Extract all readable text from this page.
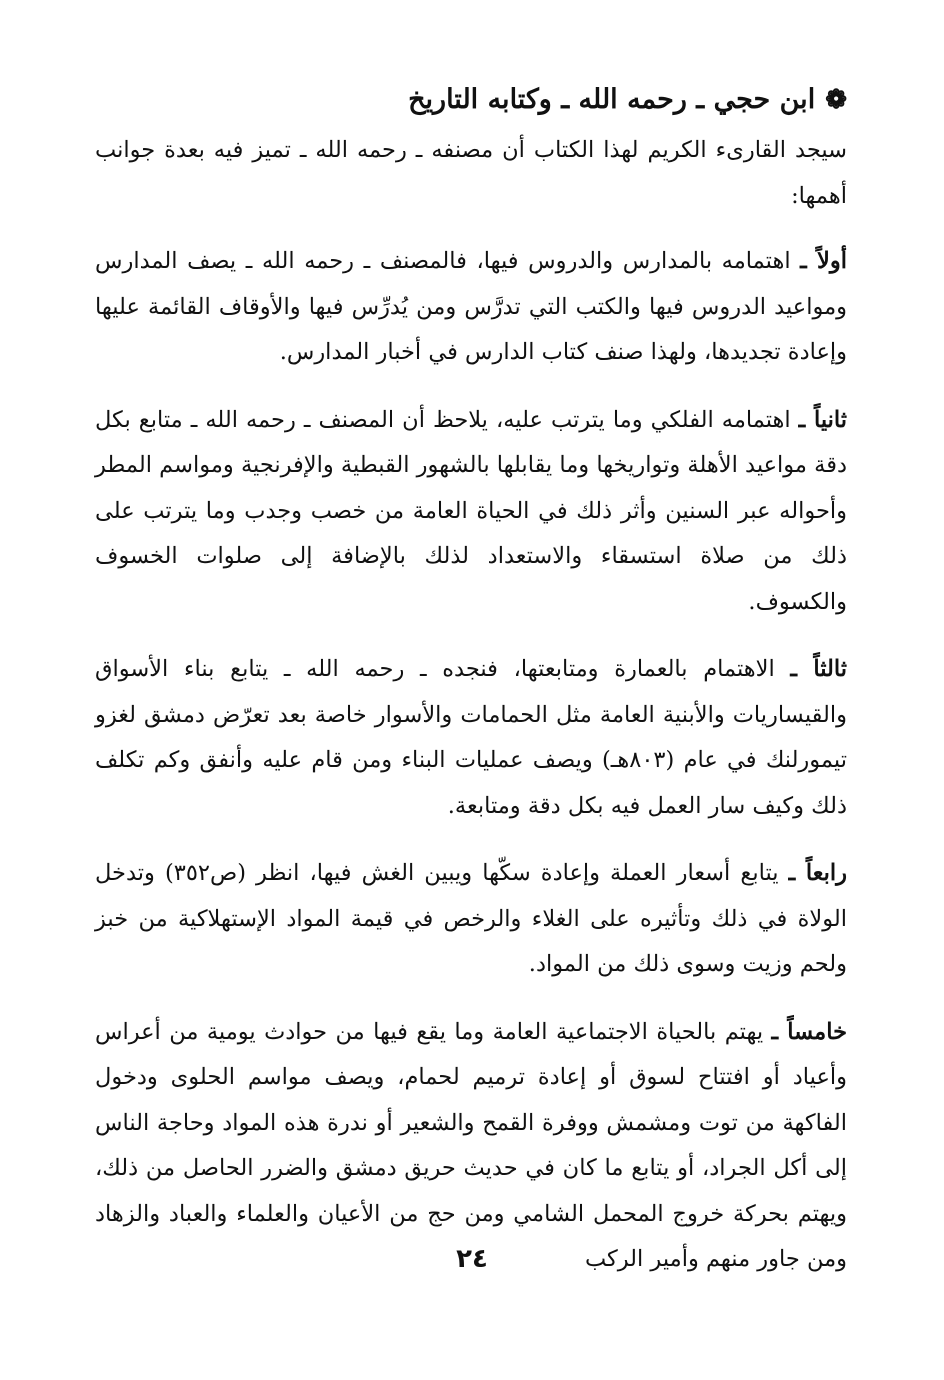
❁
ابن حجي ـ رحمه الله ـ وكتابه التاريخ

سيجد القارىء الكريم لهذا الكتاب أن مصنفه ـ رحمه الله ـ تميز فيه بعدة جوانب أهمها:

أولاً ـ اهتمامه بالمدارس والدروس فيها، فالمصنف ـ رحمه الله ـ يصف المدارس ومواعيد الدروس فيها والكتب التي تدرَّس ومن يُدرِّس فيها والأوقاف القائمة عليها وإعادة تجديدها، ولهذا صنف كتاب الدارس في أخبار المدارس.

ثانياً ـ اهتمامه الفلكي وما يترتب عليه، يلاحظ أن المصنف ـ رحمه الله ـ متابع بكل دقة مواعيد الأهلة وتواريخها وما يقابلها بالشهور القبطية والإفرنجية ومواسم المطر وأحواله عبر السنين وأثر ذلك في الحياة العامة من خصب وجدب وما يترتب على ذلك من صلاة استسقاء والاستعداد لذلك بالإضافة إلى صلوات الخسوف والكسوف.

ثالثاً ـ الاهتمام بالعمارة ومتابعتها، فنجده ـ رحمه الله ـ يتابع بناء الأسواق والقيساريات والأبنية العامة مثل الحمامات والأسوار خاصة بعد تعرّض دمشق لغزو تيمورلنك في عام (٨٠٣هـ) ويصف عمليات البناء ومن قام عليه وأنفق وكم تكلف ذلك وكيف سار العمل فيه بكل دقة ومتابعة.

رابعاً ـ يتابع أسعار العملة وإعادة سكّها ويبين الغش فيها، انظر (ص٣٥٢) وتدخل الولاة في ذلك وتأثيره على الغلاء والرخص في قيمة المواد الإستهلاكية من خبز ولحم وزيت وسوى ذلك من المواد.

خامساً ـ يهتم بالحياة الاجتماعية العامة وما يقع فيها من حوادث يومية من أعراس وأعياد أو افتتاح لسوق أو إعادة ترميم لحمام، ويصف مواسم الحلوى ودخول الفاكهة من توت ومشمش ووفرة القمح والشعير أو ندرة هذه المواد وحاجة الناس إلى أكل الجراد، أو يتابع ما كان في حديث حريق دمشق والضرر الحاصل من ذلك، ويهتم بحركة خروج المحمل الشامي ومن حج من الأعيان والعلماء والعباد والزهاد ومن جاور منهم وأمير الركب

٢٤
